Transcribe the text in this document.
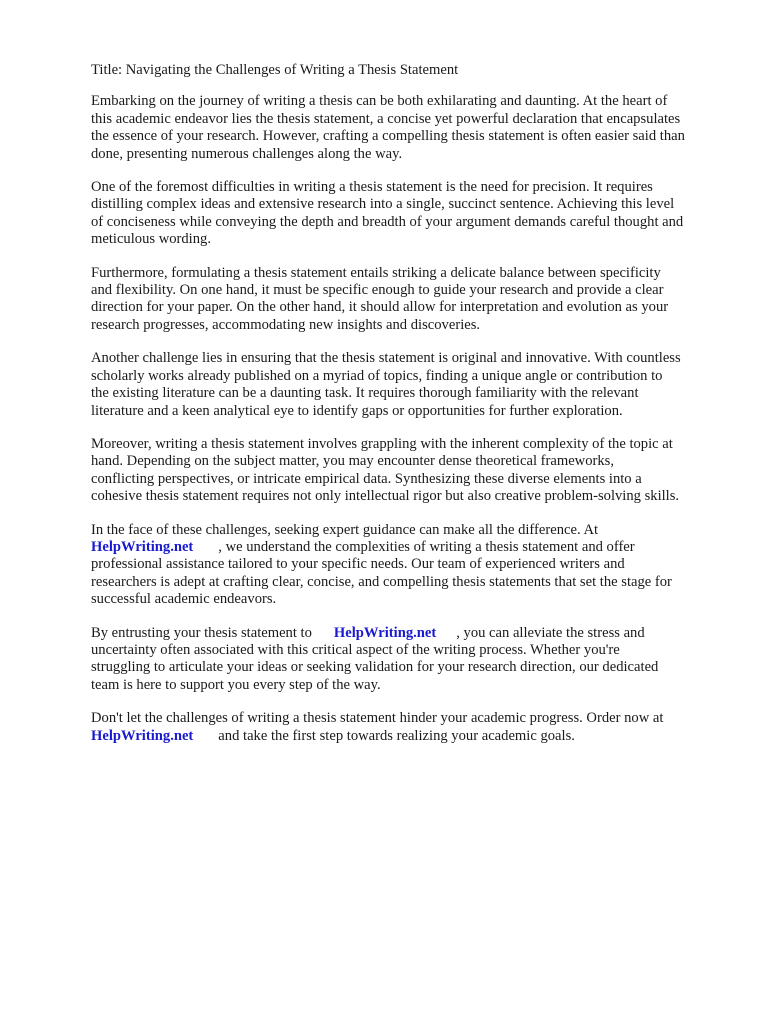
Title: Navigating the Challenges of Writing a Thesis Statement

Embarking on the journey of writing a thesis can be both exhilarating and daunting. At the heart of
this academic endeavor lies the thesis statement, a concise yet powerful declaration that encapsulates
the essence of your research. However, crafting a compelling thesis statement is often easier said than
done, presenting numerous challenges along the way.

One of the foremost difficulties in writing a thesis statement is the need for precision. It requires
distilling complex ideas and extensive research into a single, succinct sentence. Achieving this level
of conciseness while conveying the depth and breadth of your argument demands careful thought and
meticulous wording.

Furthermore, formulating a thesis statement entails striking a delicate balance between specificity
and flexibility. On one hand, it must be specific enough to guide your research and provide a clear
direction for your paper. On the other hand, it should allow for interpretation and evolution as your
research progresses, accommodating new insights and discoveries.

Another challenge lies in ensuring that the thesis statement is original and innovative. With countless
scholarly works already published on a myriad of topics, finding a unique angle or contribution to
the existing literature can be a daunting task. It requires thorough familiarity with the relevant
literature and a keen analytical eye to identify gaps or opportunities for further exploration.

Moreover, writing a thesis statement involves grappling with the inherent complexity of the topic at
hand. Depending on the subject matter, you may encounter dense theoretical frameworks,
conflicting perspectives, or intricate empirical data. Synthesizing these diverse elements into a
cohesive thesis statement requires not only intellectual rigor but also creative problem-solving skills.

In the face of these challenges, seeking expert guidance can make all the difference. At
HelpWriting.net , we understand the complexities of writing a thesis statement and offer
professional assistance tailored to your specific needs. Our team of experienced writers and
researchers is adept at crafting clear, concise, and compelling thesis statements that set the stage for
successful academic endeavors.

By entrusting your thesis statement to HelpWriting.net , you can alleviate the stress and
uncertainty often associated with this critical aspect of the writing process. Whether you're
struggling to articulate your ideas or seeking validation for your research direction, our dedicated
team is here to support you every step of the way.

Don't let the challenges of writing a thesis statement hinder your academic progress. Order now at
HelpWriting.net and take the first step towards realizing your academic goals.
